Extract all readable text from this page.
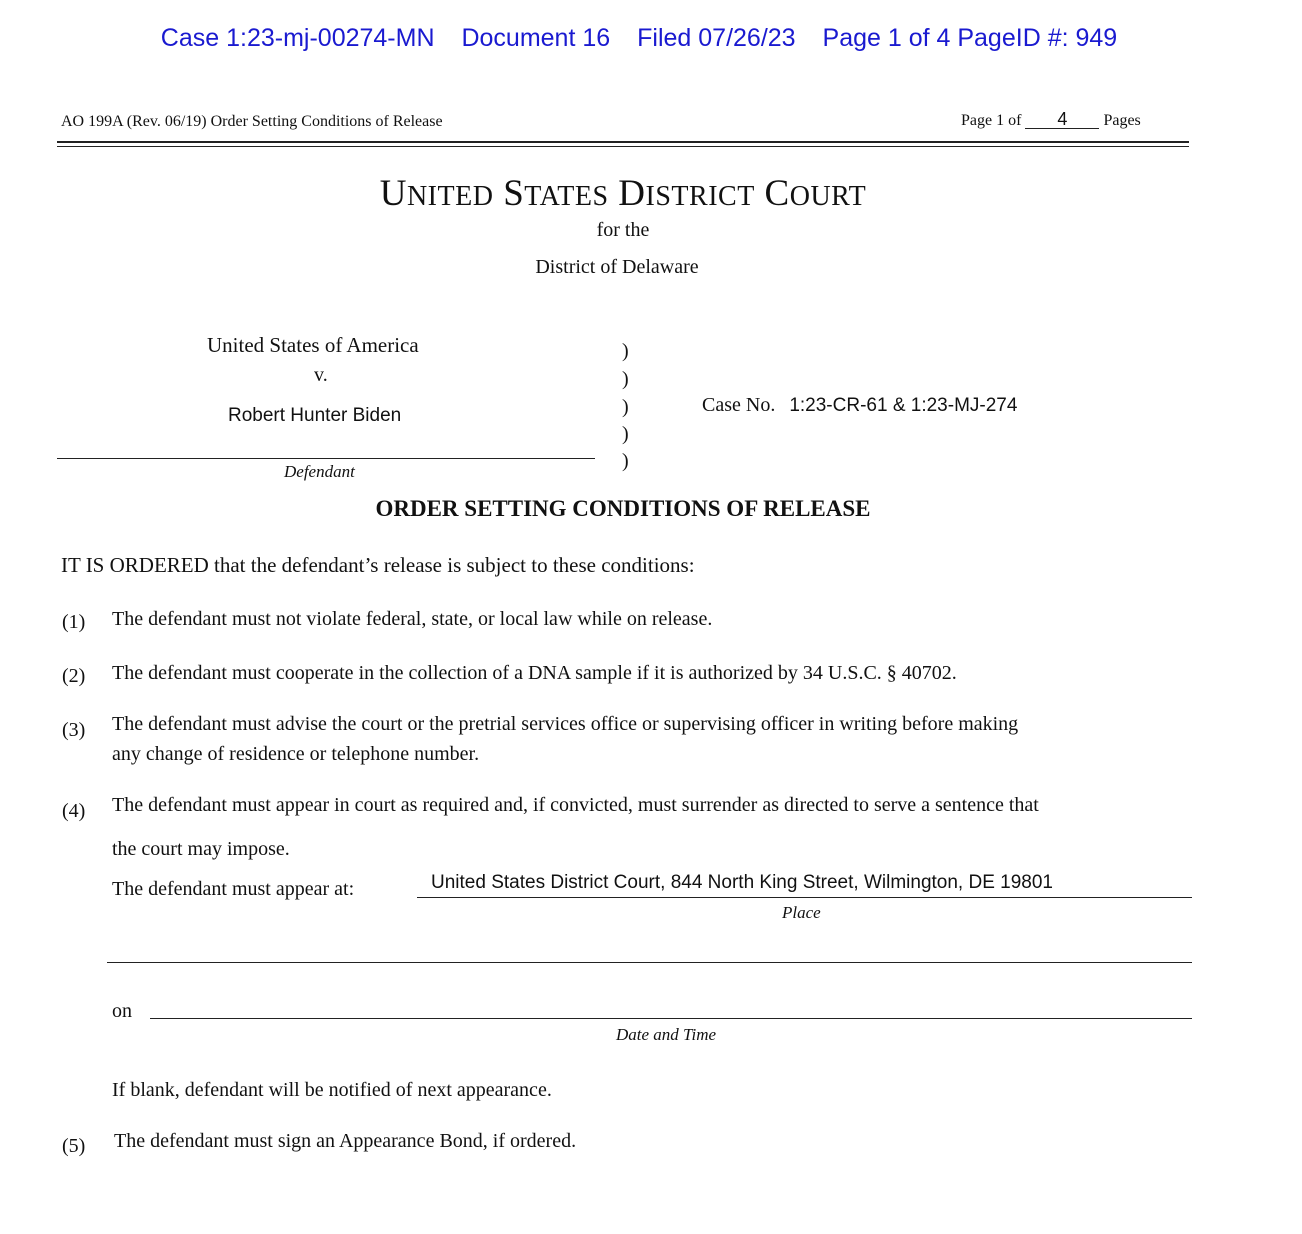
Case 1:23-mj-00274-MN Document 16 Filed 07/26/23 Page 1 of 4 PageID #: 949
AO 199A (Rev. 06/19) Order Setting Conditions of Release	Page 1 of 4 Pages
UNITED STATES DISTRICT COURT
for the
District of Delaware
United States of America
v.
Robert Hunter Biden
Defendant
)
)
)
)
)
Case No. 1:23-CR-61 & 1:23-MJ-274
ORDER SETTING CONDITIONS OF RELEASE
IT IS ORDERED that the defendant’s release is subject to these conditions:
(1) The defendant must not violate federal, state, or local law while on release.
(2) The defendant must cooperate in the collection of a DNA sample if it is authorized by 34 U.S.C. § 40702.
(3) The defendant must advise the court or the pretrial services office or supervising officer in writing before making
any change of residence or telephone number.
(4) The defendant must appear in court as required and, if convicted, must surrender as directed to serve a sentence that
the court may impose.
The defendant must appear at:	United States District Court, 844 North King Street, Wilmington, DE 19801
Place
on
Date and Time
If blank, defendant will be notified of next appearance.
(5) The defendant must sign an Appearance Bond, if ordered.
